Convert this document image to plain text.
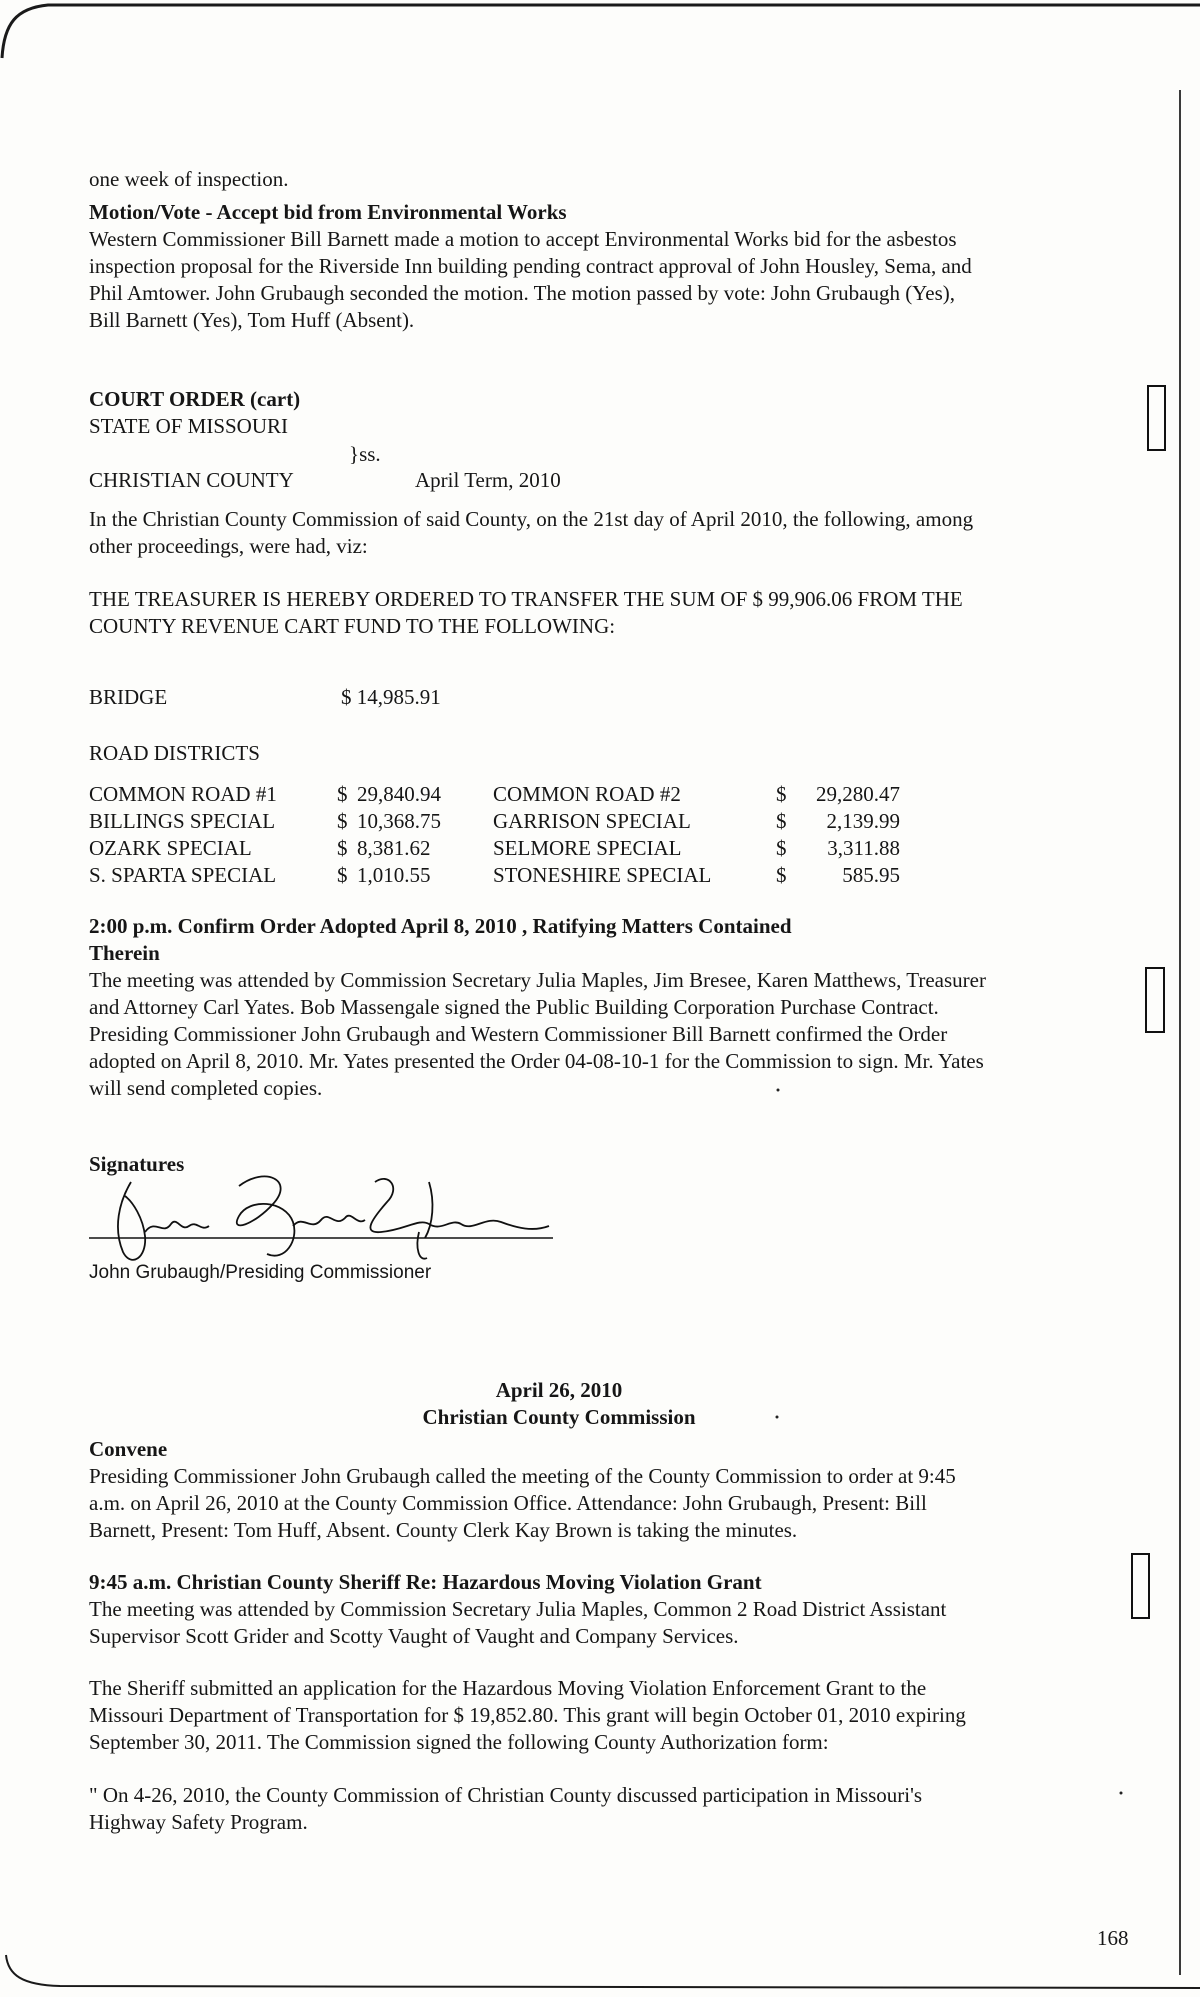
one week of inspection.

Motion/Vote - Accept bid from Environmental Works

Western Commissioner Bill Barnett made a motion to accept Environmental Works bid for the asbestos

inspection proposal for the Riverside Inn building pending contract approval of John Housley, Sema, and

Phil Amtower. John Grubaugh seconded the motion. The motion passed by vote: John Grubaugh (Yes),

Bill Barnett (Yes), Tom Huff (Absent).

COURT ORDER (cart)

STATE OF MISSOURI

}ss.

CHRISTIAN COUNTY	April Term, 2010

In the Christian County Commission of said County, on the 21st day of April 2010, the following, among

other proceedings, were had, viz:

THE TREASURER IS HEREBY ORDERED TO TRANSFER THE SUM OF $ 99,906.06 FROM THE

COUNTY REVENUE CART FUND TO THE FOLLOWING:

BRIDGE	$ 14,985.91

ROAD DISTRICTS

COMMON ROAD #1	$	29,840.94	COMMON ROAD #2	$	29,280.47
BILLINGS SPECIAL	$	10,368.75	GARRISON SPECIAL	$	2,139.99
OZARK SPECIAL	$	8,381.62	SELMORE SPECIAL	$	3,311.88
S. SPARTA SPECIAL	$	1,010.55	STONESHIRE SPECIAL	$	585.95

2:00 p.m. Confirm Order Adopted April 8, 2010 , Ratifying Matters Contained

Therein

The meeting was attended by Commission Secretary Julia Maples, Jim Bresee, Karen Matthews, Treasurer

and Attorney Carl Yates. Bob Massengale signed the Public Building Corporation Purchase Contract.

Presiding Commissioner John Grubaugh and Western Commissioner Bill Barnett confirmed the Order

adopted on April 8, 2010. Mr. Yates presented the Order 04-08-10-1 for the Commission to sign. Mr. Yates

will send completed copies.

Signatures

John Grubaugh/Presiding Commissioner

April 26, 2010

Christian County Commission

Convene

Presiding Commissioner John Grubaugh called the meeting of the County Commission to order at 9:45

a.m. on April 26, 2010 at the County Commission Office. Attendance: John Grubaugh, Present: Bill

Barnett, Present: Tom Huff, Absent. County Clerk Kay Brown is taking the minutes.

9:45 a.m. Christian County Sheriff Re: Hazardous Moving Violation Grant

The meeting was attended by Commission Secretary Julia Maples, Common 2 Road District Assistant

Supervisor Scott Grider and Scotty Vaught of Vaught and Company Services.

The Sheriff submitted an application for the Hazardous Moving Violation Enforcement Grant to the

Missouri Department of Transportation for $ 19,852.80. This grant will begin October 01, 2010 expiring

September 30, 2011. The Commission signed the following County Authorization form:

" On 4-26, 2010, the County Commission of Christian County discussed participation in Missouri's

Highway Safety Program.

168
